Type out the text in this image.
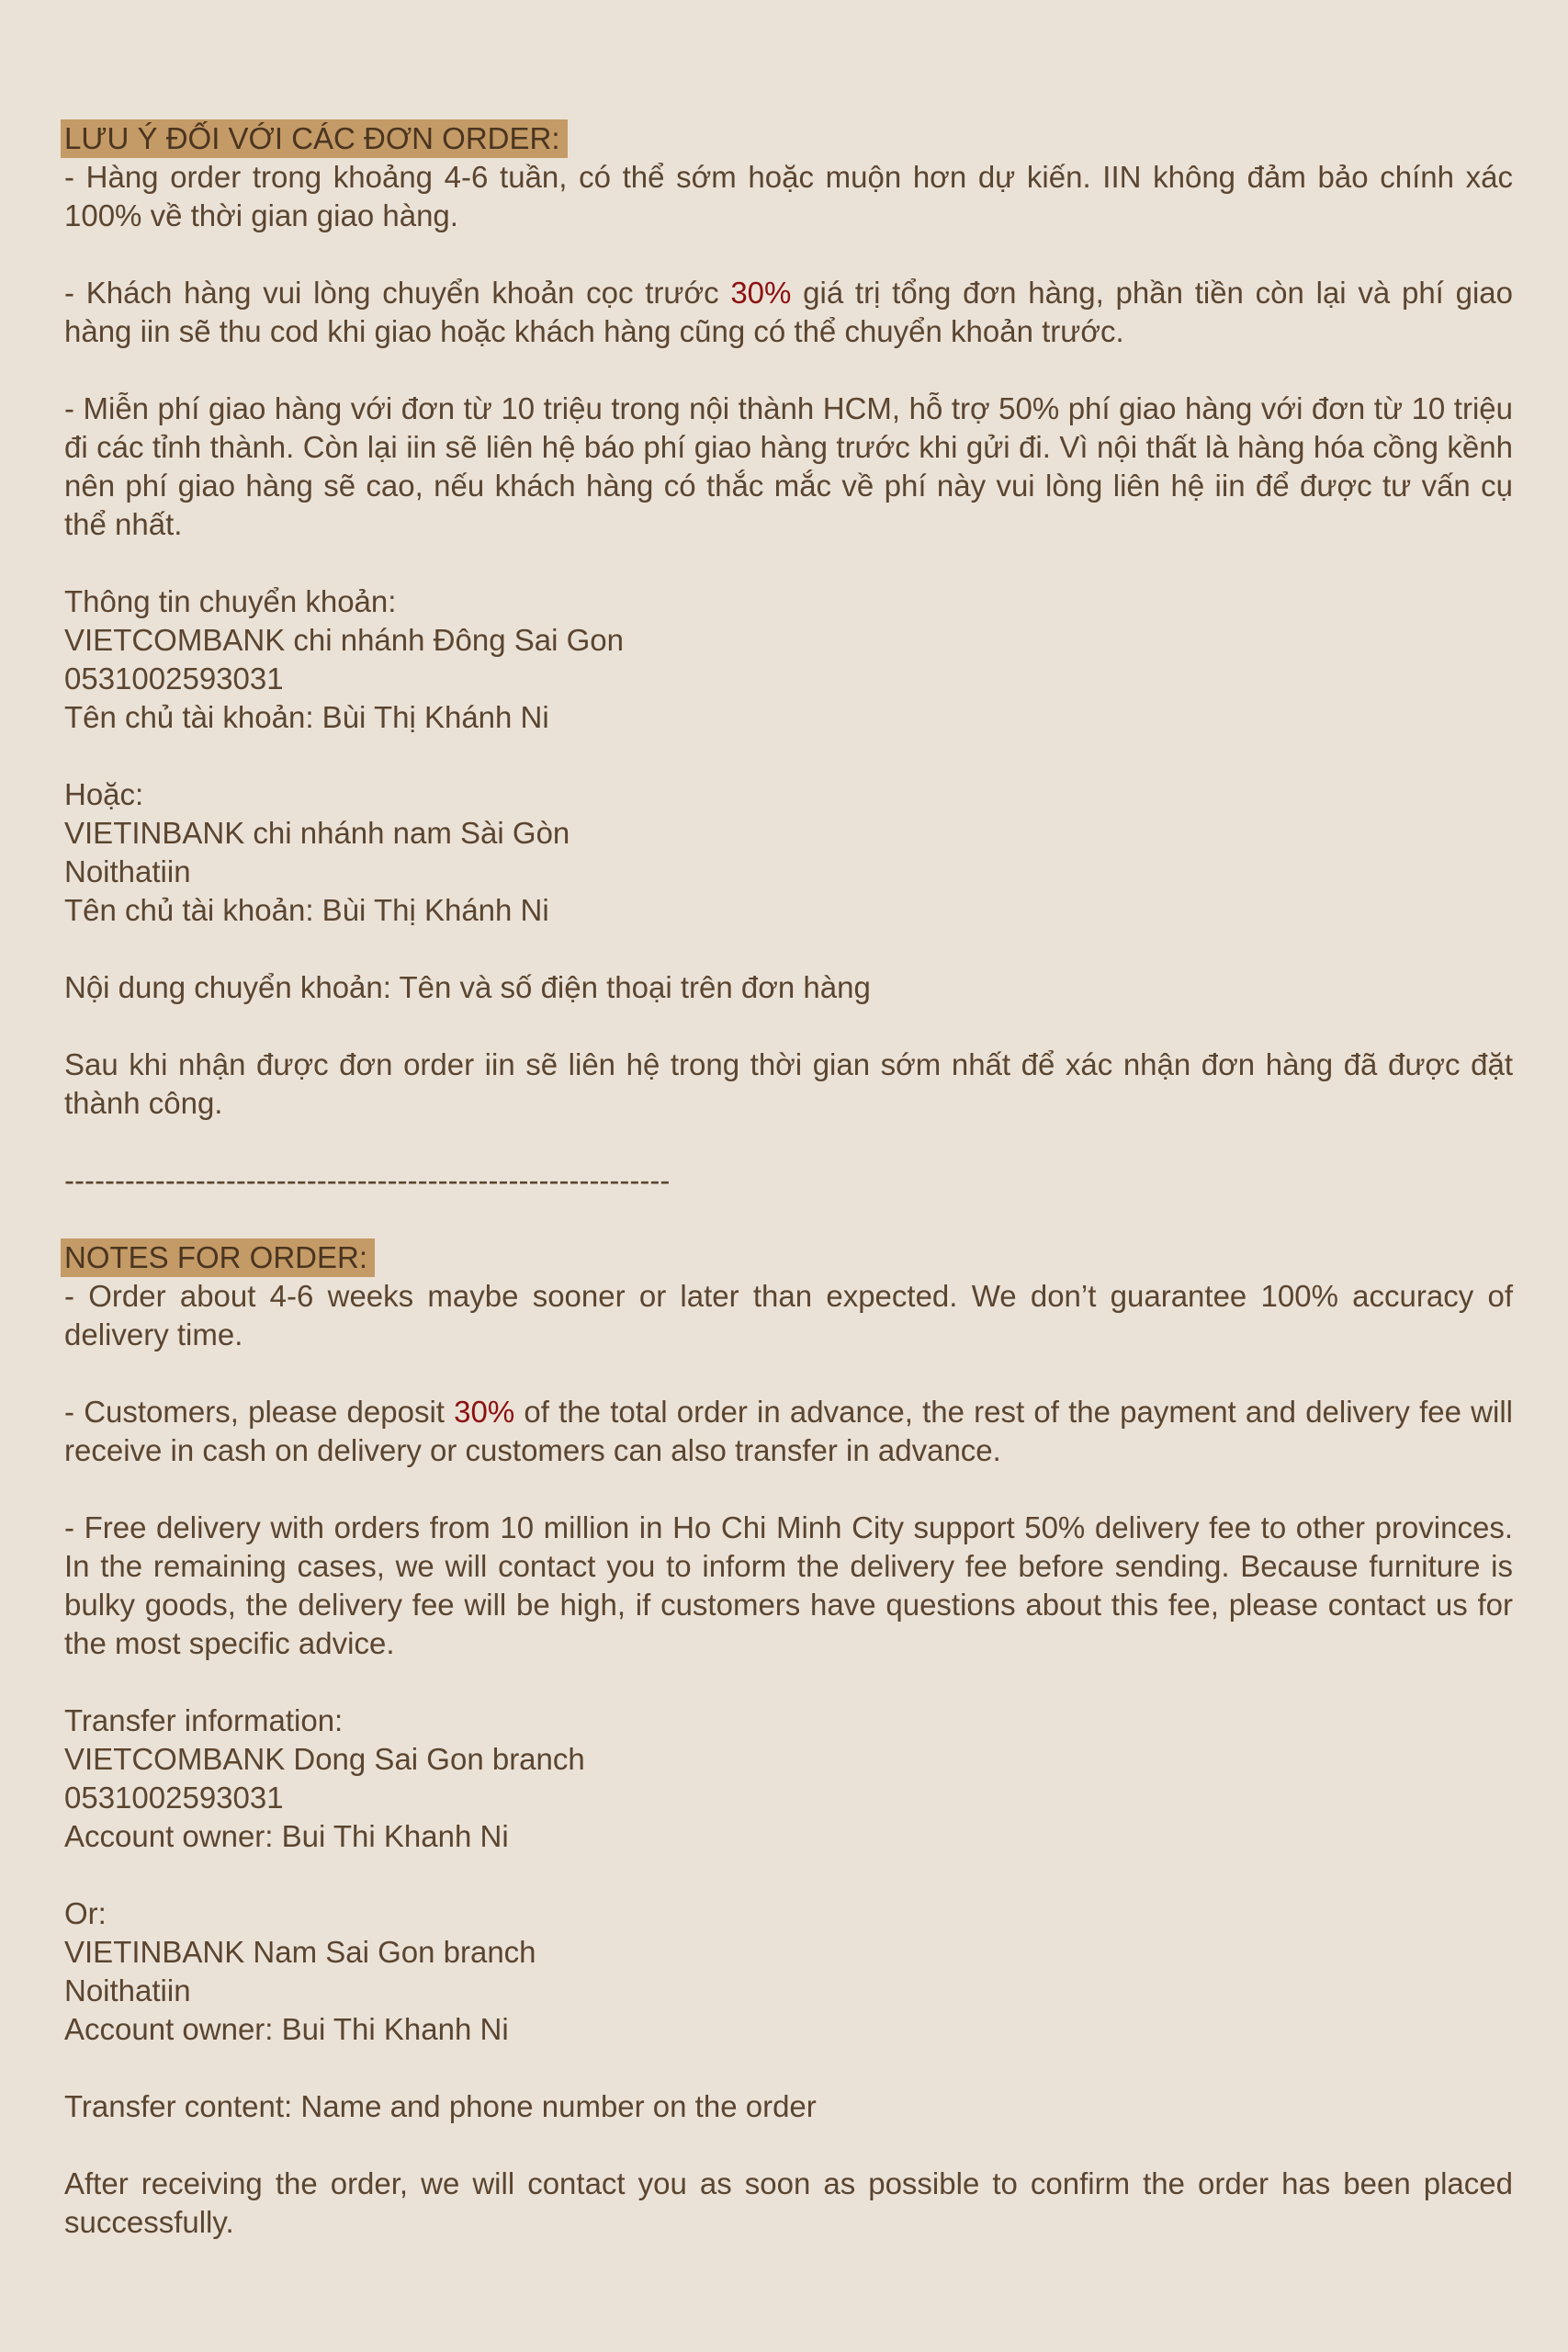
LƯU Ý ĐỐI VỚI CÁC ĐƠN ORDER:

- Hàng order trong khoảng 4-6 tuần, có thể sớm hoặc muộn hơn dự kiến. IIN không đảm bảo chính xác 100% về thời gian giao hàng.

- Khách hàng vui lòng chuyển khoản cọc trước 30% giá trị tổng đơn hàng, phần tiền còn lại và phí giao hàng iin sẽ thu cod khi giao hoặc khách hàng cũng có thể chuyển khoản trước.

- Miễn phí giao hàng với đơn từ 10 triệu trong nội thành HCM, hỗ trợ 50% phí giao hàng với đơn từ 10 triệu đi các tỉnh thành. Còn lại iin sẽ liên hệ báo phí giao hàng trước khi gửi đi. Vì nội thất là hàng hóa cồng kềnh nên phí giao hàng sẽ cao, nếu khách hàng có thắc mắc về phí này vui lòng liên hệ iin để được tư vấn cụ thể nhất.

Thông tin chuyển khoản:

VIETCOMBANK chi nhánh Đông Sai Gon

0531002593031

Tên chủ tài khoản: Bùi Thị Khánh Ni

Hoặc:

VIETINBANK chi nhánh nam Sài Gòn

Noithatiin

Tên chủ tài khoản: Bùi Thị Khánh Ni

Nội dung chuyển khoản: Tên và số điện thoại trên đơn hàng

Sau khi nhận được đơn order iin sẽ liên hệ trong thời gian sớm nhất để xác nhận đơn hàng đã được đặt thành công.

------------------------------------------------------------

NOTES FOR ORDER:

- Order about 4-6 weeks maybe sooner or later than expected. We don’t guarantee 100% accuracy of delivery time.

- Customers, please deposit 30% of the total order in advance, the rest of the payment and delivery fee will receive in cash on delivery or customers can also transfer in advance.

- Free delivery with orders from 10 million in Ho Chi Minh City support 50% delivery fee to other provinces. In the remaining cases, we will contact you to inform the delivery fee before sending. Because furniture is bulky goods, the delivery fee will be high, if customers have questions about this fee, please contact us for the most specific advice.

Transfer information:

VIETCOMBANK Dong Sai Gon branch

0531002593031

Account owner: Bui Thi Khanh Ni

Or:

VIETINBANK Nam Sai Gon branch

Noithatiin

Account owner: Bui Thi Khanh Ni

Transfer content: Name and phone number on the order

After receiving the order, we will contact you as soon as possible to confirm the order has been placed successfully.
